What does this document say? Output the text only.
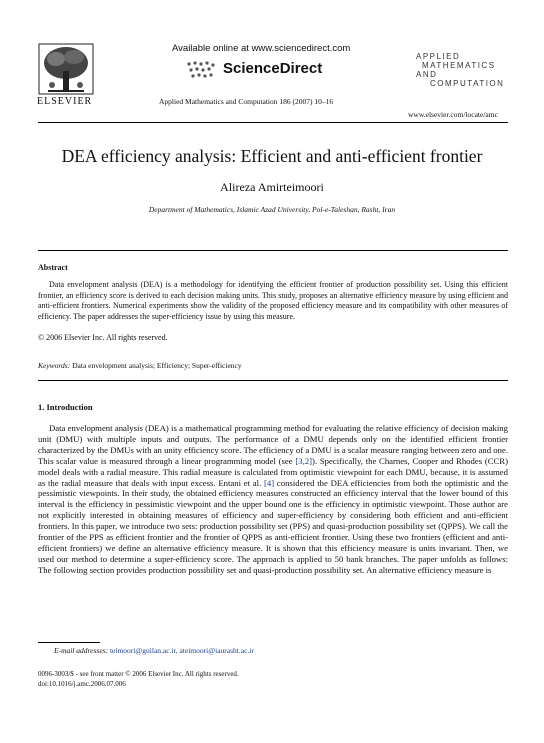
ELSEVIER
Available online at www.sciencedirect.com
ScienceDirect
Applied Mathematics and Computation 186 (2007) 10–16
APPLIED
MATHEMATICS
AND
COMPUTATION
www.elsevier.com/locate/amc
DEA efficiency analysis: Efficient and anti-efficient frontier
Alireza Amirteimoori
Department of Mathematics, Islamic Azad University, Pol-e-Taleshan, Rasht, Iran
Abstract
Data envelopment analysis (DEA) is a methodology for identifying the efficient frontier of production possibility set. Using this efficient frontier, an efficiency score is derived to each decision making units. This study, proposes an alternative efficiency measure by using efficient and anti-efficient frontiers. Numerical experiments show the validity of the proposed efficiency measure and its compatibility with other measures of efficiency. The paper addresses the super-efficiency issue by using this measure.
© 2006 Elsevier Inc. All rights reserved.
Keywords: Data envelopment analysis; Efficiency; Super-efficiency
1. Introduction

Data envelopment analysis (DEA) is a mathematical programming method for evaluating the relative efficiency of decision making unit (DMU) with multiple inputs and outputs. The performance of a DMU depends only on the identified efficient frontier characterized by the DMUs with an unity efficiency score. The efficiency of a DMU is a scalar measure ranging between zero and one. This scalar value is measured through a linear programming model (see [3,2]). Specifically, the Charnes, Cooper and Rhodes (CCR) model deals with a radial measure. This radial measure is calculated from optimistic viewpoint for each DMU, because, it is assumed as the radial measure that deals with input excess. Entani et al. [4] considered the DEA efficiencies from both the optimistic and the pessimistic viewpoints. In their study, the obtained efficiency measures constructed an efficiency interval that the lower bound of this interval is the efficiency in pessimistic viewpoint and the upper bound one is the efficiency in optimistic viewpoint. Those author are not explicitly interested in obtaining measures of efficiency and super-efficiency by considering both efficient and anti-efficient frontiers. In this paper, we introduce two sets: production possibility set (PPS) and quasi-production possibility set (QPPS). We call the frontier of the PPS as efficient frontier and the frontier of QPPS as anti-efficient frontier. Using these two frontiers (efficient and anti-efficient frontiers) we define an alternative efficiency measure. It is shown that this efficiency measure is units invariant. Then, we used our method to determine a super-efficiency score. The approach is applied to 50 bank branches. The paper unfolds as follows: The following section provides production possibility set and quasi-production possibility set. An alternative efficiency measure is

E-mail addresses: teimoori@guilan.ac.ir, ateimoori@iaurasht.ac.ir
0096-3003/$ - see front matter © 2006 Elsevier Inc. All rights reserved.
doi:10.1016/j.amc.2006.07.006
